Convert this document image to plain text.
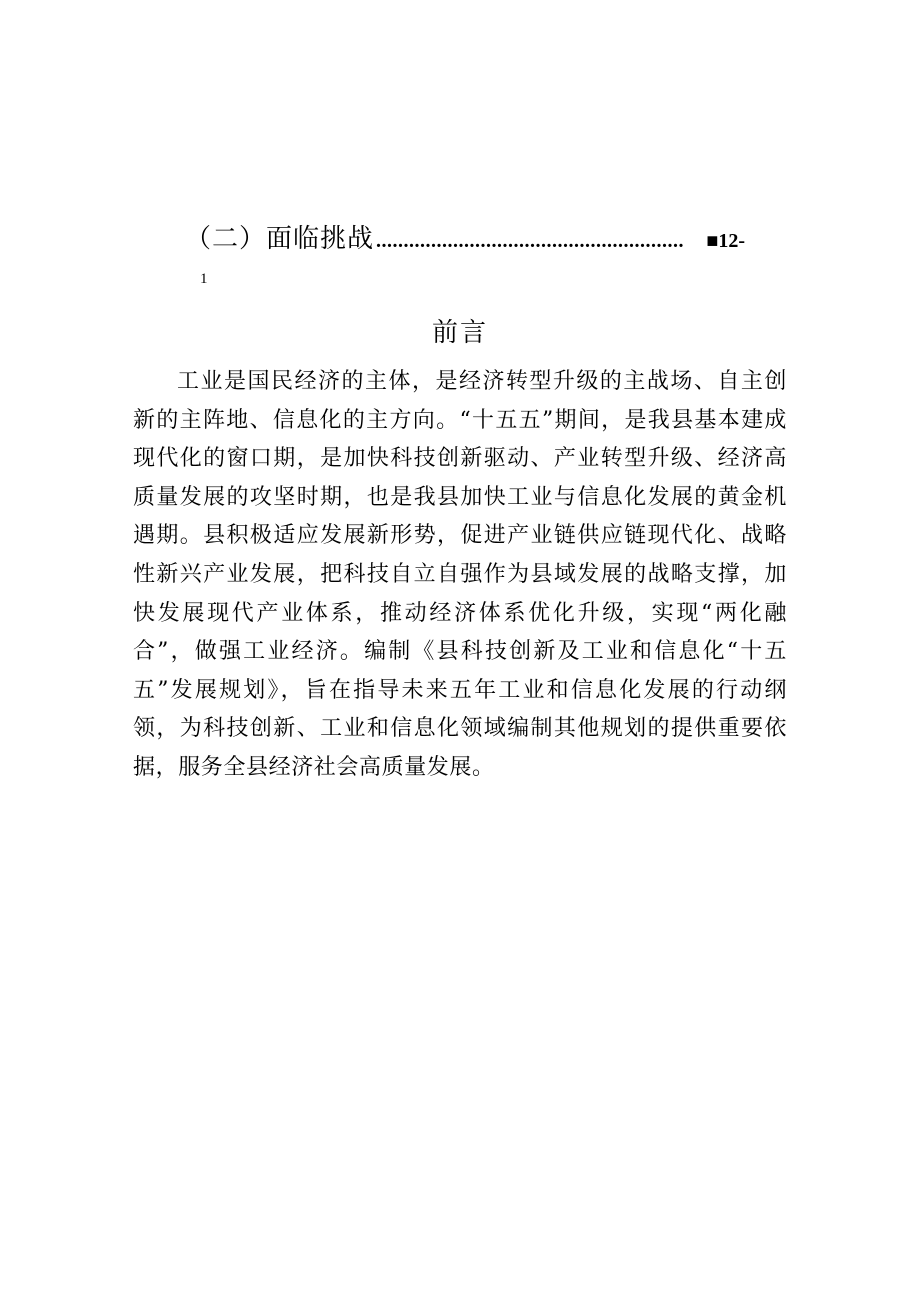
（二）面临挑战 ........................................................	■12-
1
前言

工业是国民经济的主体，是经济转型升级的主战场、自主创新的主阵地、信息化的主方向。“十五五”期间，是我县基本建成现代化的窗口期，是加快科技创新驱动、产业转型升级、经济高质量发展的攻坚时期，也是我县加快工业与信息化发展的黄金机遇期。县积极适应发展新形势，促进产业链供应链现代化、战略性新兴产业发展，把科技自立自强作为县域发展的战略支撑，加快发展现代产业体系，推动经济体系优化升级，实现“两化融合”，做强工业经济。编制《县科技创新及工业和信息化“十五五”发展规划》，旨在指导未来五年工业和信息化发展的行动纲领，为科技创新、工业和信息化领域编制其他规划的提供重要依据，服务全县经济社会高质量发展。
